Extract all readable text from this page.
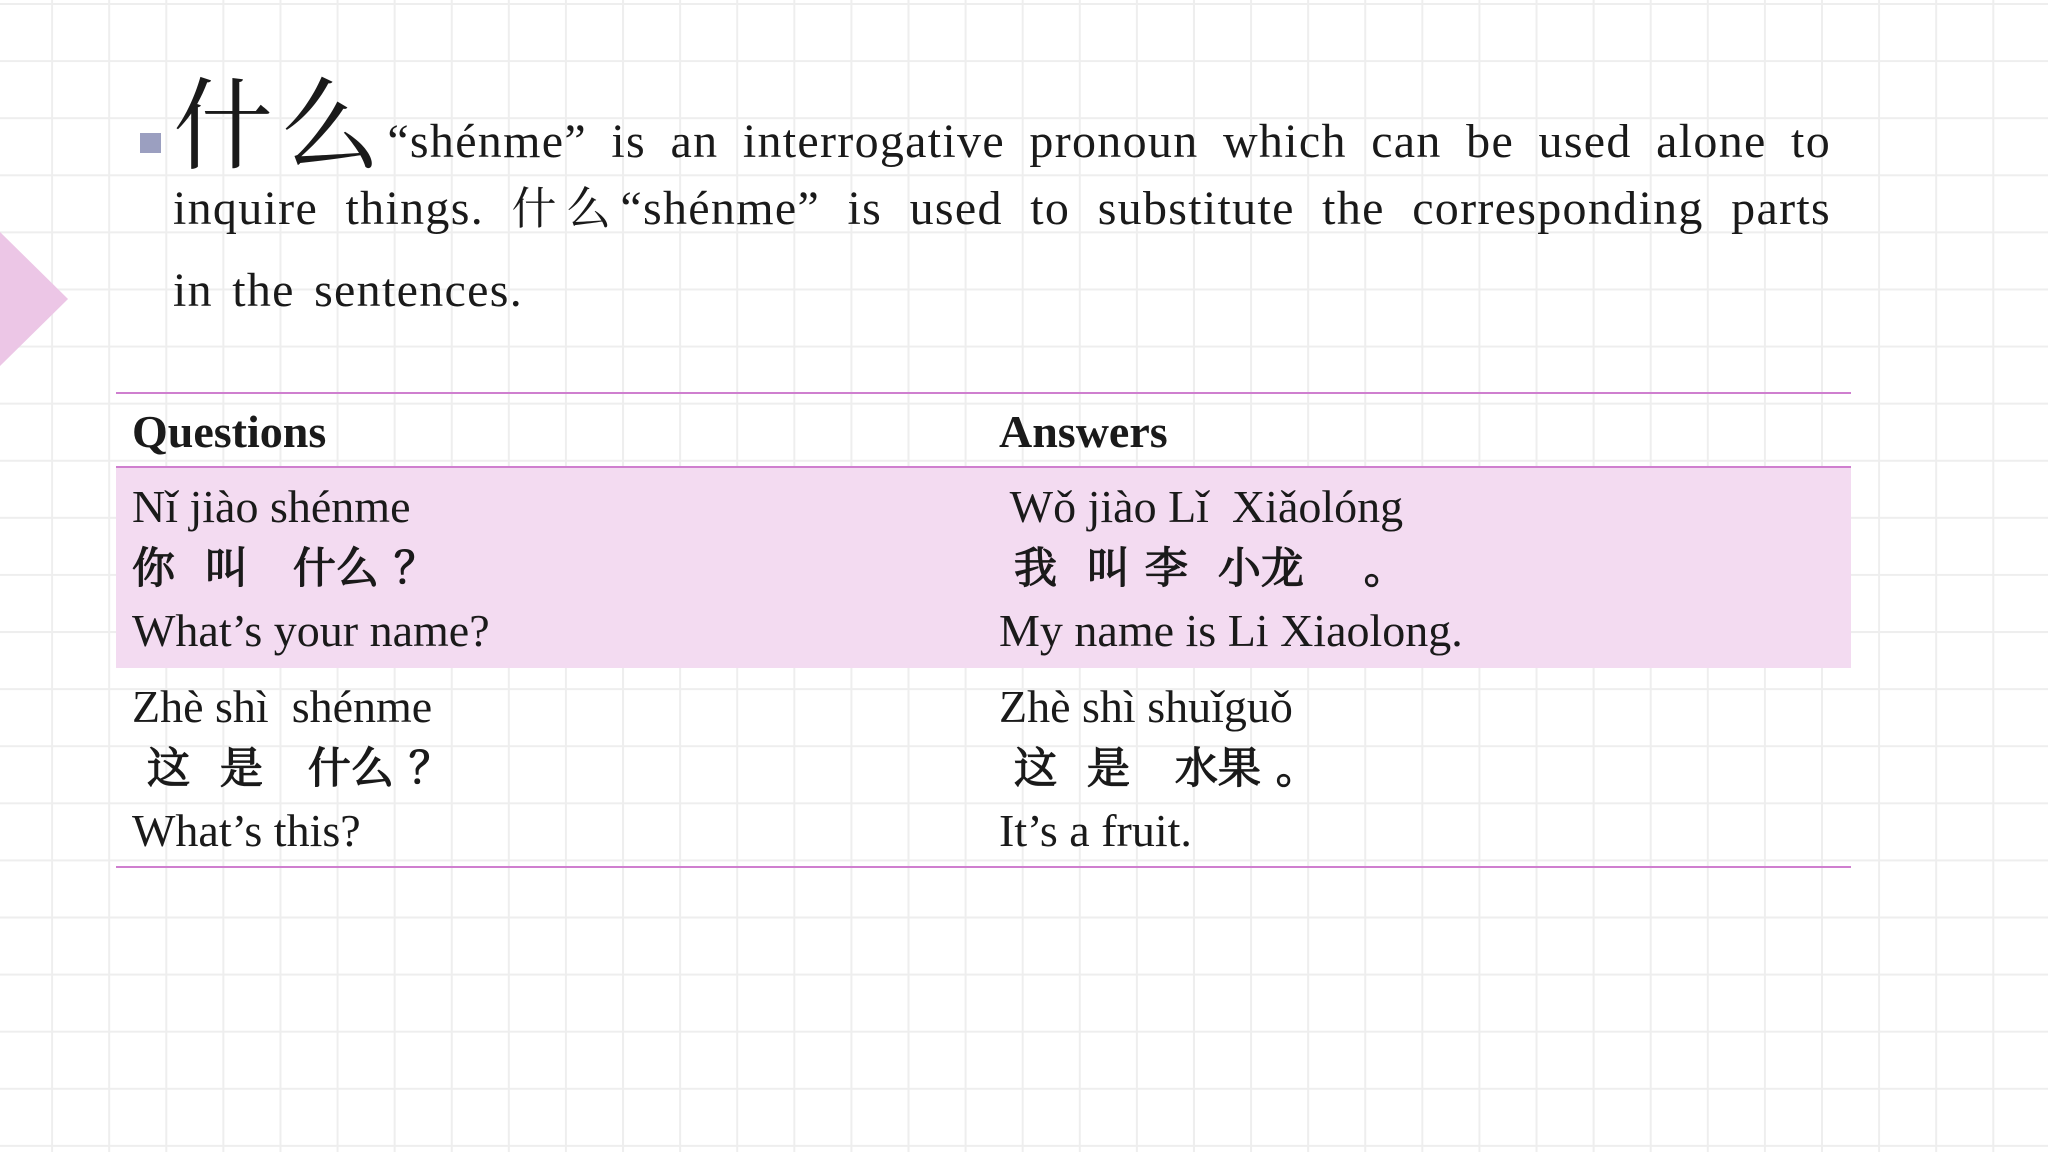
什么“shénme” is an interrogative pronoun which can be used alone to
inquire things. 什么“shénme” is used to substitute the corresponding parts
in the sentences.
Questions	Answers
Nǐ jiào shénme
你  叫   什么 ？
What’s your name?
Wǒ jiào Lǐ  Xiǎolóng
我  叫 李  小龙    。
My name is Li Xiaolong.
Zhè shì  shénme
这  是   什么 ？
What’s this?
Zhè shì shuǐguǒ
这  是   水果 。
It’s a fruit.
